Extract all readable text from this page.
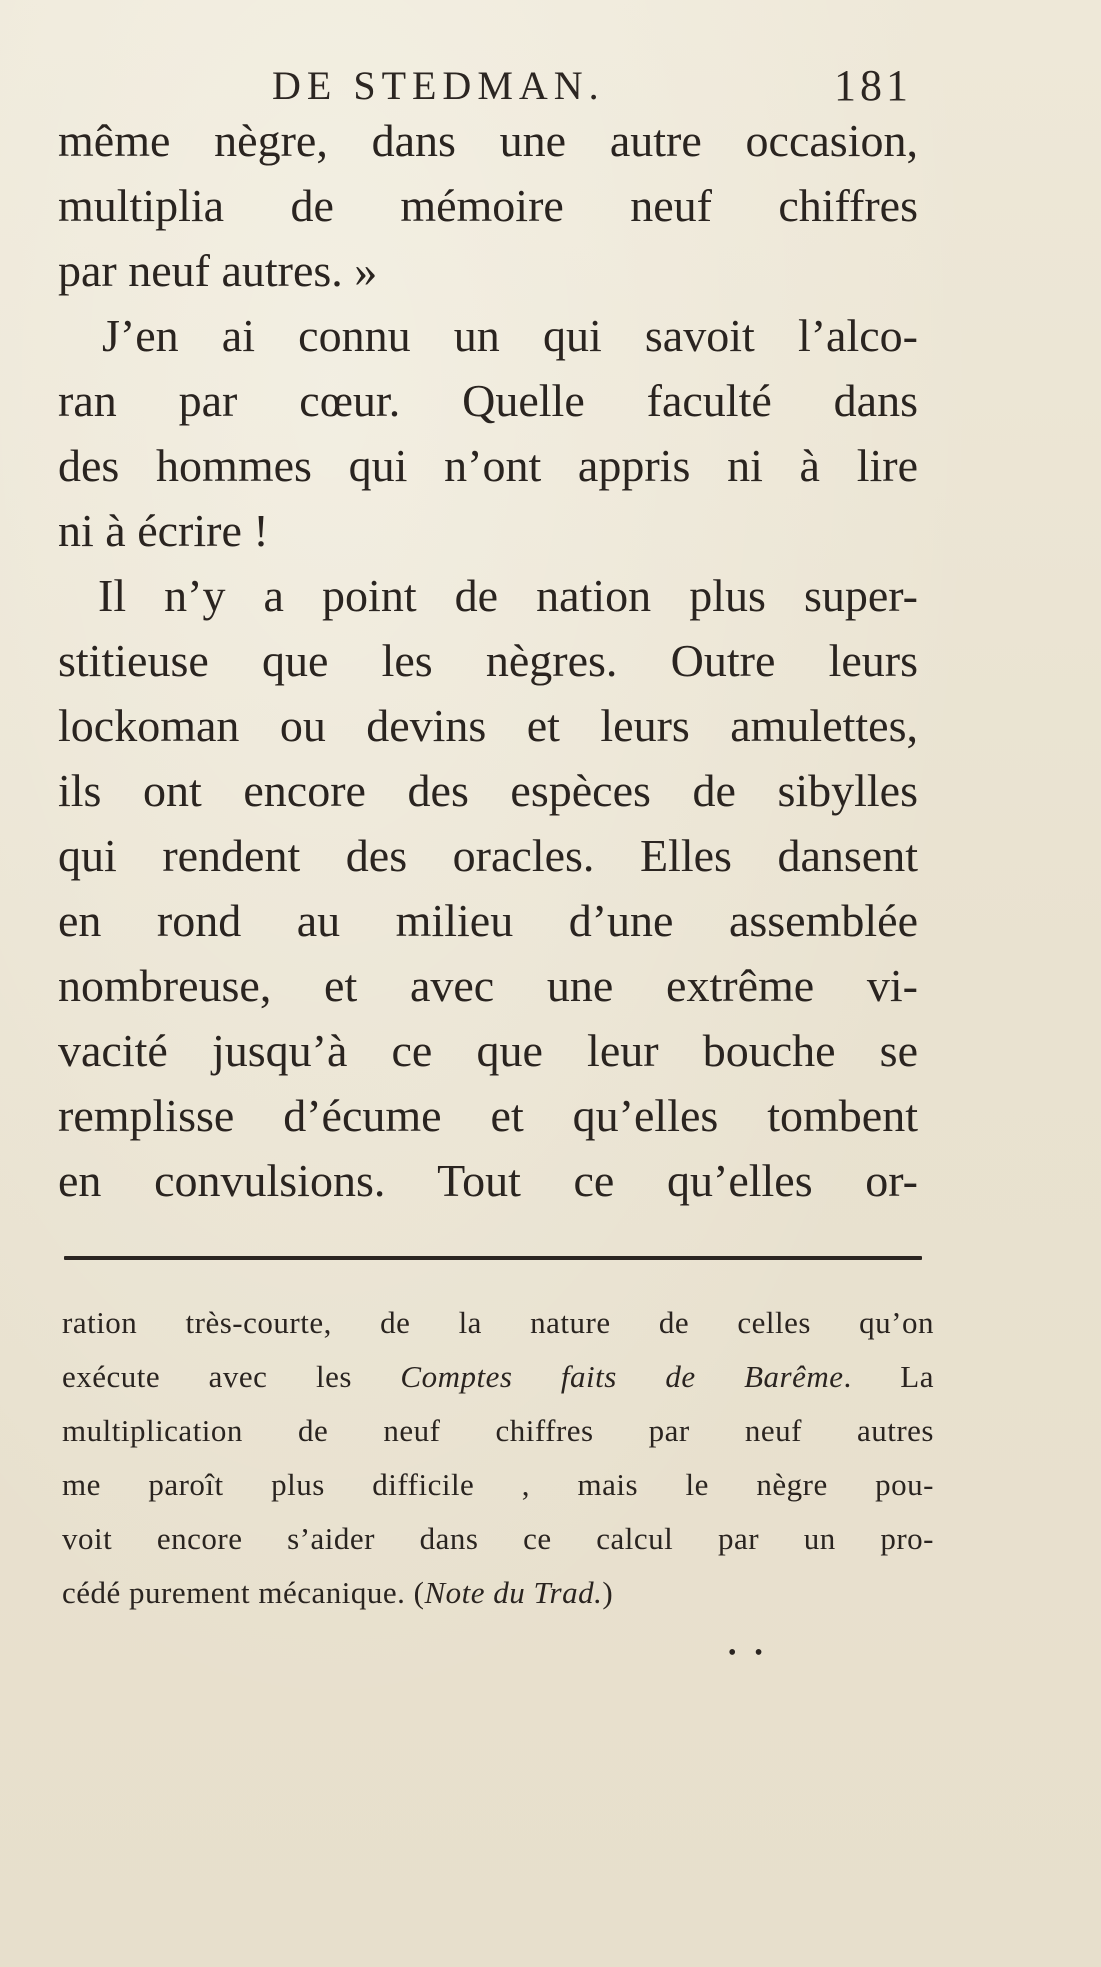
DE STEDMAN.	181
même nègre, dans une autre occasion,
multiplia de mémoire neuf chiffres
par neuf autres. »
J’en ai connu un qui savoit l’alco-
ran par cœur. Quelle faculté dans
des hommes qui n’ont appris ni à lire
ni à écrire !
Il n’y a point de nation plus super-
stitieuse que les nègres. Outre leurs
lockoman ou devins et leurs amulettes,
ils ont encore des espèces de sibylles
qui rendent des oracles. Elles dansent
en rond au milieu d’une assemblée
nombreuse, et avec une extrême vi-
vacité jusqu’à ce que leur bouche se
remplisse d’écume et qu’elles tombent
en convulsions. Tout ce qu’elles or-
ration très-courte, de la nature de celles qu’on
exécute avec les Comptes faits de Barême. La
multiplication de neuf chiffres par neuf autres
me paroît plus difficile , mais le nègre pou-
voit encore s’aider dans ce calcul par un pro-
cédé purement mécanique. (Note du Trad.)
• •
